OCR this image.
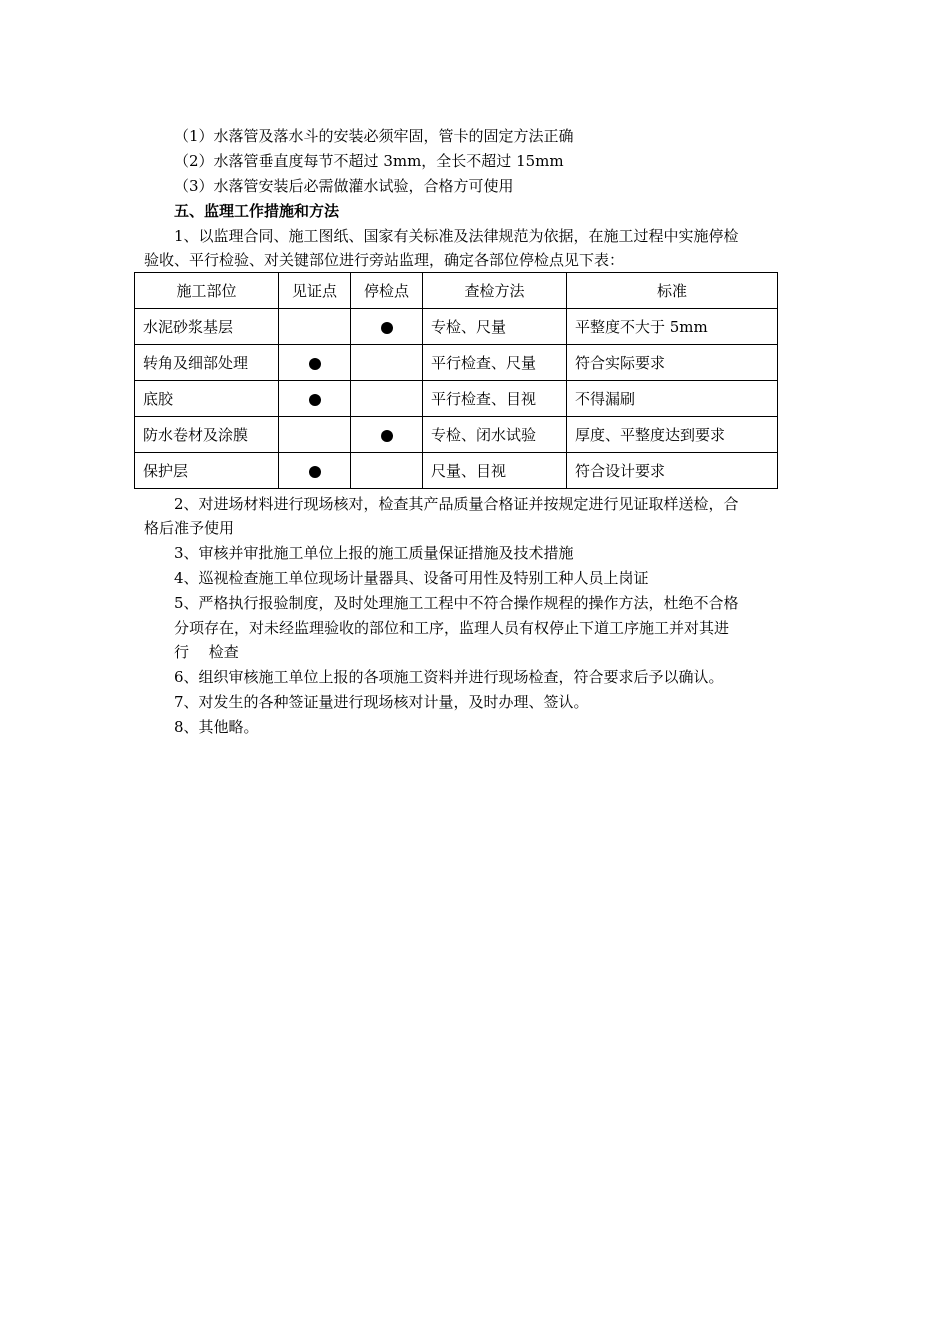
（1）水落管及落水斗的安装必须牢固，管卡的固定方法正确
（2）水落管垂直度每节不超过 3mm，全长不超过 15mm
（3）水落管安装后必需做灌水试验，合格方可使用
五、监理工作措施和方法
1、以监理合同、施工图纸、国家有关标准及法律规范为依据，在施工过程中实施停检
验收、平行检验、对关键部位进行旁站监理，确定各部位停检点见下表：
施工部位	见证点	停检点	查检方法	标准
水泥砂浆基层			专检、尺量	平整度不大于 5mm
转角及细部处理			平行检查、尺量	符合实际要求
底胶			平行检查、目视	不得漏刷
防水卷材及涂膜			专检、闭水试验	厚度、平整度达到要求
保护层			尺量、目视	符合设计要求
2、对进场材料进行现场核对，检查其产品质量合格证并按规定进行见证取样送检，合
格后准予使用
3、审核并审批施工单位上报的施工质量保证措施及技术措施
4、巡视检查施工单位现场计量器具、设备可用性及特别工种人员上岗证
5、严格执行报验制度，及时处理施工工程中不符合操作规程的操作方法，杜绝不合格
分项存在，对未经监理验收的部位和工序，监理人员有权停止下道工序施工并对其进
行　 检查
6、组织审核施工单位上报的各项施工资料并进行现场检查，符合要求后予以确认。
7、对发生的各种签证量进行现场核对计量，及时办理、签认。
8、其他略。
